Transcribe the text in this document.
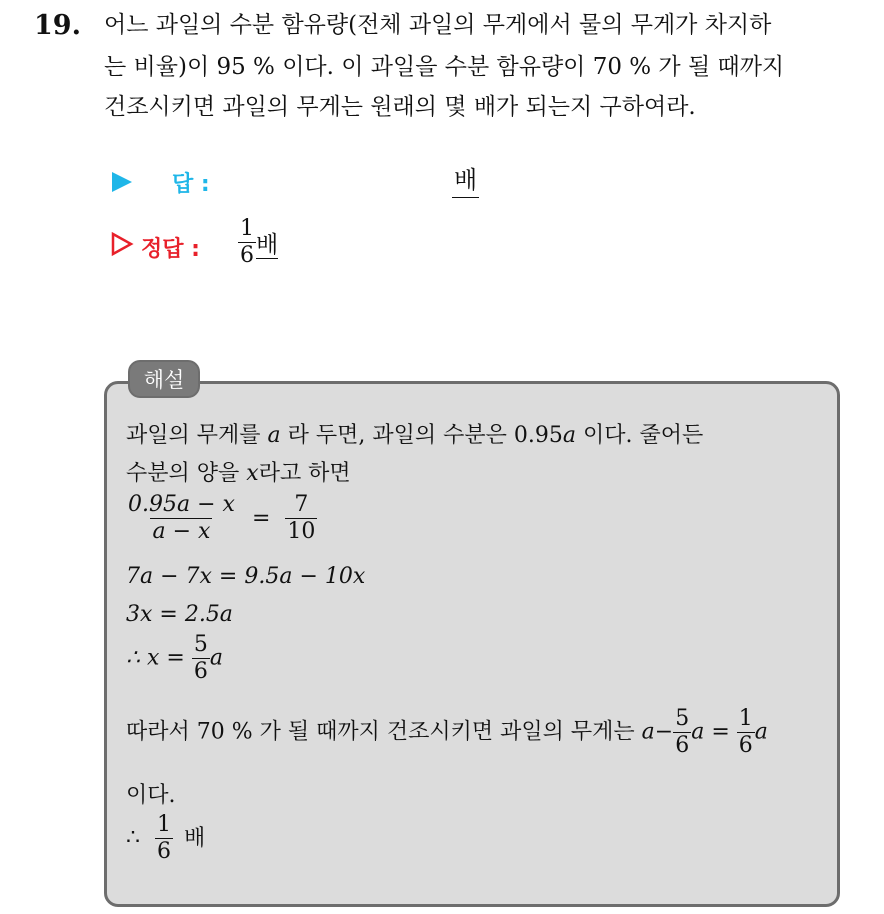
19. 어느 과일의 수분 함유량(전체 과일의 무게에서 물의 무게가 차지하
는 비율)이 95 % 이다. 이 과일을 수분 함유량이 70 % 가 될 때까지
건조시키면 과일의 무게는 원래의 몇 배가 되는지 구하여라.
답 :	배
정답 : $\frac{1}{6}$ 배
해설
과일의 무게를 a 라 두면, 과일의 수분은 0.95a 이다. 줄어든
수분의 양을 x라고 하면
$\frac{0.95a - x}{a - x} = \frac{7}{10}$
7a − 7x = 9.5a − 10x
3x = 2.5a
∴ $x = \frac{5}{6}$ a
따라서 70 % 가 될 때까지 건조시키면 과일의 무게는 $a- \frac{5}{6}$ $a = \frac{1}{6}$ a
이다.
∴ $\frac{1}{6}$ 배
